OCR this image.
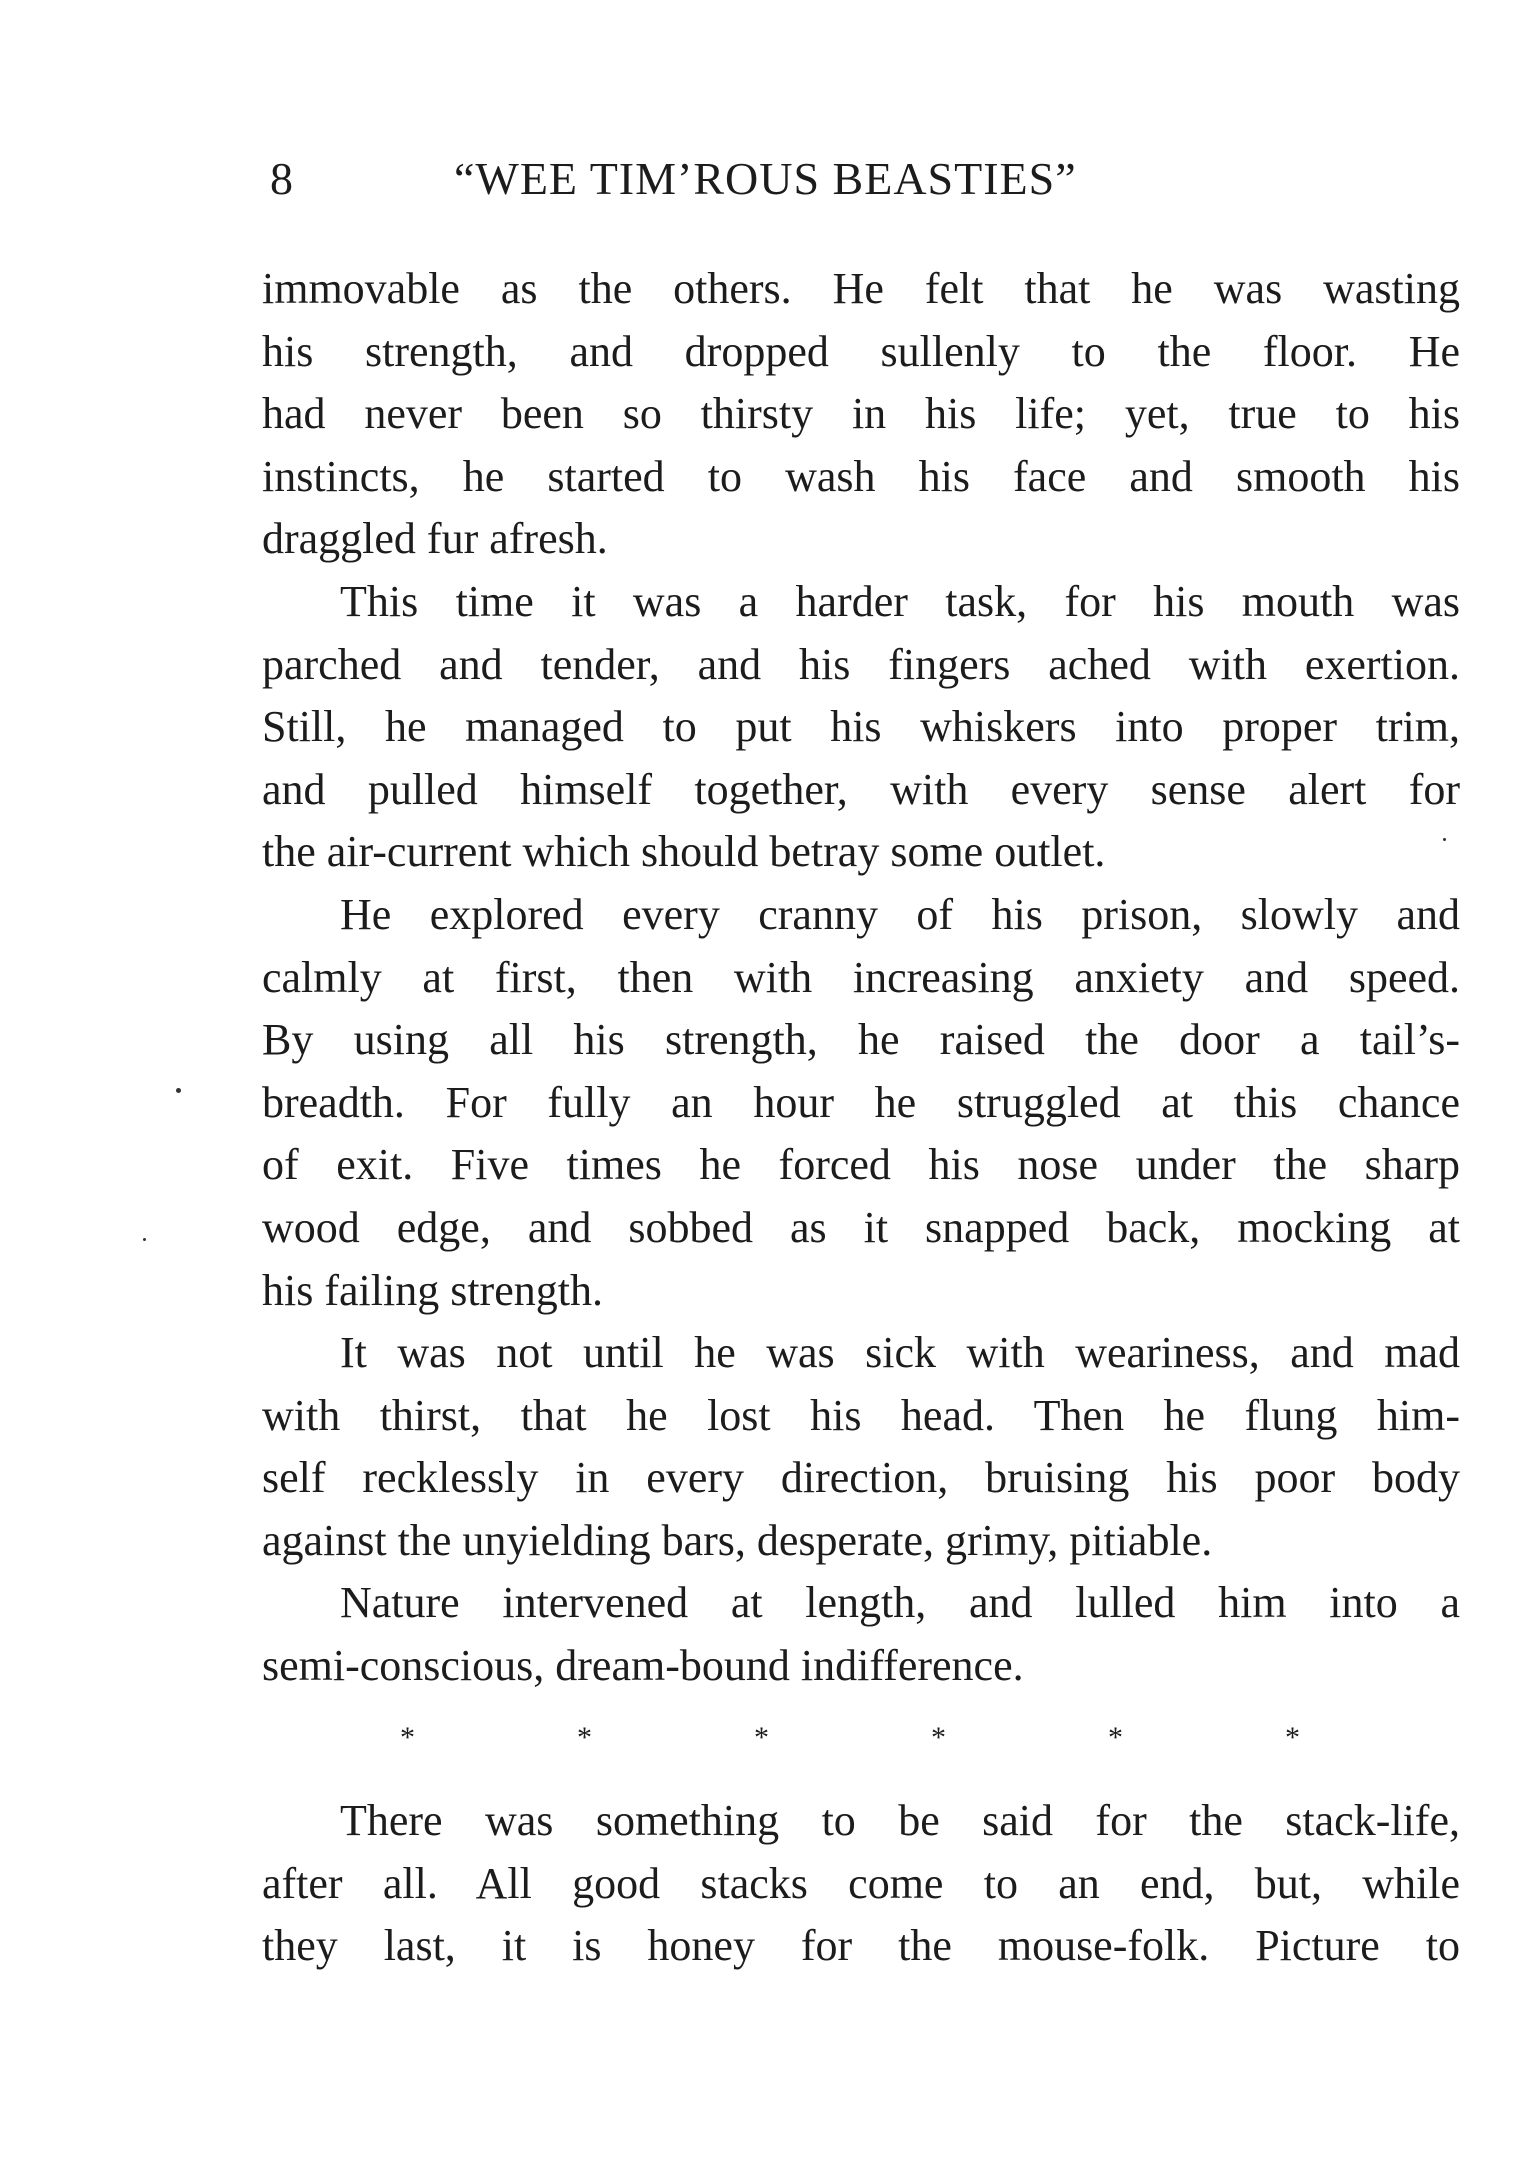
8	“WEE TIM’ROUS BEASTIES”
immovable as the others. He felt that he was wasting
his strength, and dropped sullenly to the floor. He
had never been so thirsty in his life; yet, true to his
instincts, he started to wash his face and smooth his
draggled fur afresh.
This time it was a harder task, for his mouth was
parched and tender, and his fingers ached with exertion.
Still, he managed to put his whiskers into proper trim,
and pulled himself together, with every sense alert for
the air-current which should betray some outlet.
He explored every cranny of his prison, slowly and
calmly at first, then with increasing anxiety and speed.
By using all his strength, he raised the door a tail’s-
breadth. For fully an hour he struggled at this chance
of exit. Five times he forced his nose under the sharp
wood edge, and sobbed as it snapped back, mocking at
his failing strength.
It was not until he was sick with weariness, and mad
with thirst, that he lost his head. Then he flung him-
self recklessly in every direction, bruising his poor body
against the unyielding bars, desperate, grimy, pitiable.
Nature intervened at length, and lulled him into a
semi-conscious, dream-bound indifference.
*	*	*	*	*	*
There was something to be said for the stack-life,
after all. All good stacks come to an end, but, while
they last, it is honey for the mouse-folk. Picture to
